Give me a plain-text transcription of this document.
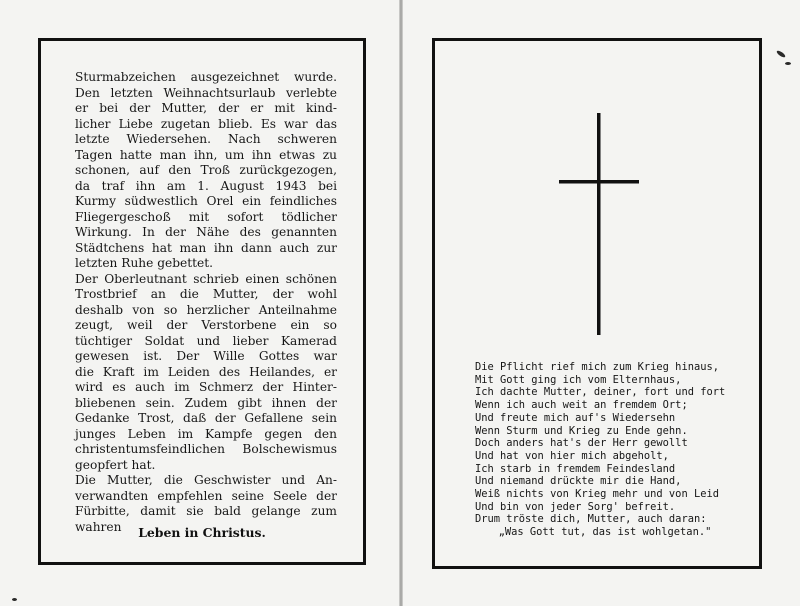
Sturmabzeichen ausgezeichnet wurde.
Den letzten Weihnachtsurlaub verlebte
er bei der Mutter, der er mit kind-
licher Liebe zugetan blieb. Es war das
letzte Wiedersehen. Nach schweren
Tagen hatte man ihn, um ihn etwas zu
schonen, auf den Troß zurückgezogen,
da traf ihn am 1. August 1943 bei
Kurmy südwestlich Orel ein feindliches
Fliegergeschoß mit sofort tödlicher
Wirkung. In der Nähe des genannten
Städtchens hat man ihn dann auch zur
letzten Ruhe gebettet.
Der Oberleutnant schrieb einen schönen
Trostbrief an die Mutter, der wohl
deshalb von so herzlicher Anteilnahme
zeugt, weil der Verstorbene ein so
tüchtiger Soldat und lieber Kamerad
gewesen ist. Der Wille Gottes war
die Kraft im Leiden des Heilandes, er
wird es auch im Schmerz der Hinter-
bliebenen sein. Zudem gibt ihnen der
Gedanke Trost, daß der Gefallene sein
junges Leben im Kampfe gegen den
christentumsfeindlichen Bolschewismus
geopfert hat.
Die Mutter, die Geschwister und An-
verwandten empfehlen seine Seele der
Fürbitte, damit sie bald gelange zum
wahren	Leben in Christus.
Die Pflicht rief mich zum Krieg hinaus,
Mit Gott ging ich vom Elternhaus,
Ich dachte Mutter, deiner, fort und fort
Wenn ich auch weit an fremdem Ort;
Und freute mich auf's Wiedersehn
Wenn Sturm und Krieg zu Ende gehn.
Doch anders hat's der Herr gewollt
Und hat von hier mich abgeholt,
Ich starb in fremdem Feindesland
Und niemand drückte mir die Hand,
Weiß nichts von Krieg mehr und von Leid
Und bin von jeder Sorg' befreit.
Drum tröste dich, Mutter, auch daran:
„Was Gott tut, das ist wohlgetan."
